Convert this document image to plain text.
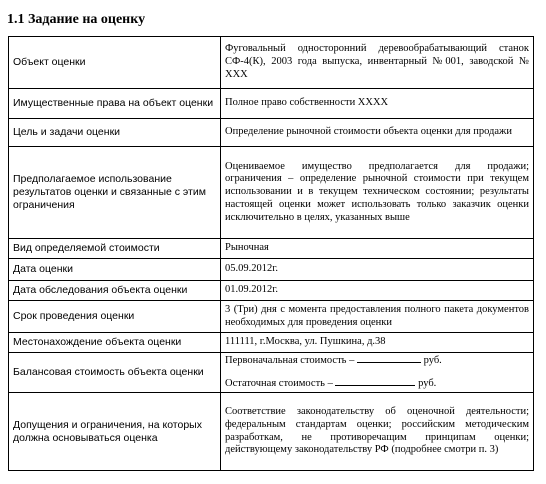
1.1 Задание на оценку
Объект оценки	Фуговальный односторонний деревообрабатывающий станок СФ-4(К), 2003 года выпуска, инвентарный №001, заводской № ХХХ
Имущественные права на объект оценки	Полное право собственности ХХХХ
Цель и задачи оценки	Определение рыночной стоимости объекта оценки для продажи
Предполагаемое использование результатов оценки и связанные с этим ограничения	Оцениваемое имущество предполагается для продажи; ограничения – определение рыночной стоимости при текущем использовании и в текущем техническом состоянии; результаты настоящей оценки может использовать только заказчик оценки исключительно в целях, указанных выше
Вид определяемой стоимости	Рыночная
Дата оценки	05.09.2012г.
Дата обследования объекта оценки	01.09.2012г.
Срок проведения оценки	3 (Три) дня с момента предоставления полного пакета документов необходимых для проведения оценки
Местонахождение объекта оценки	111111, г.Москва, ул. Пушкина, д.38
Балансовая стоимость объекта оценки	Первоначальная стоимость – руб.
Остаточная стоимость – руб.

Допущения и ограничения, на которых должна основываться оценка	Соответствие законодательству об оценочной деятельности; федеральным стандартам оценки; российским методическим разработкам, не противоречащим принципам оценки; действующему законодательству РФ (подробнее смотри п. 3)
